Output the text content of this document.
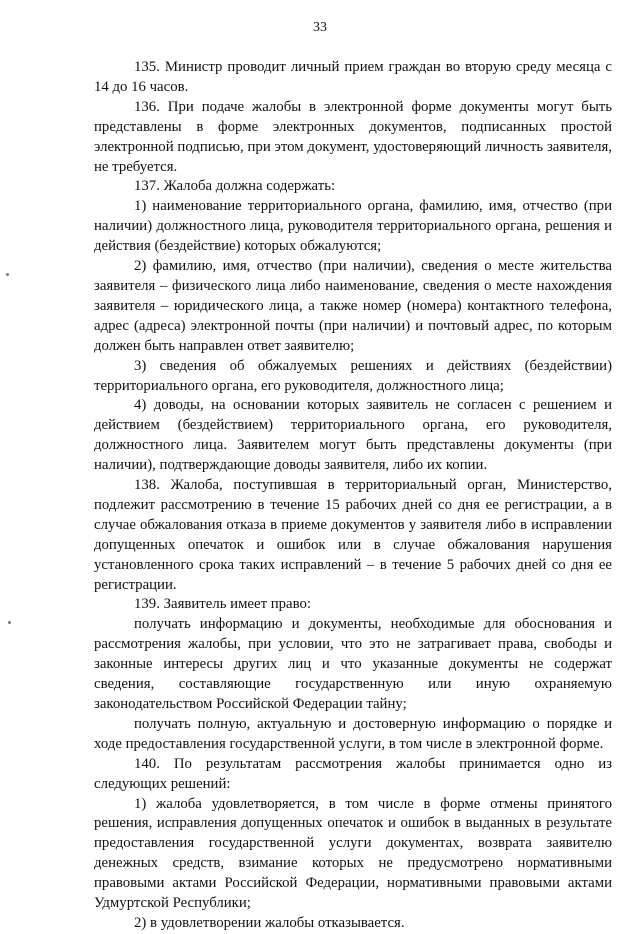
33

135. Министр проводит личный прием граждан во вторую среду месяца с 14 до 16 часов.

136. При подаче жалобы в электронной форме документы могут быть представлены в форме электронных документов, подписанных простой электронной подписью, при этом документ, удостоверяющий личность заявителя, не требуется.

137. Жалоба должна содержать:

1) наименование территориального органа, фамилию, имя, отчество (при наличии) должностного лица, руководителя территориального органа, решения и действия (бездействие) которых обжалуются;

2) фамилию, имя, отчество (при наличии), сведения о месте жительства заявителя – физического лица либо наименование, сведения о месте нахождения заявителя – юридического лица, а также номер (номера) контактного телефона, адрес (адреса) электронной почты (при наличии) и почтовый адрес, по которым должен быть направлен ответ заявителю;

3) сведения об обжалуемых решениях и действиях (бездействии) территориального органа, его руководителя, должностного лица;

4) доводы, на основании которых заявитель не согласен с решением и действием (бездействием) территориального органа, его руководителя, должностного лица. Заявителем могут быть представлены документы (при наличии), подтверждающие доводы заявителя, либо их копии.

138. Жалоба, поступившая в территориальный орган, Министерство, подлежит рассмотрению в течение 15 рабочих дней со дня ее регистрации, а в случае обжалования отказа в приеме документов у заявителя либо в исправлении допущенных опечаток и ошибок или в случае обжалования нарушения установленного срока таких исправлений – в течение 5 рабочих дней со дня ее регистрации.

139. Заявитель имеет право:

получать информацию и документы, необходимые для обоснования и рассмотрения жалобы, при условии, что это не затрагивает права, свободы и законные интересы других лиц и что указанные документы не содержат сведения, составляющие государственную или иную охраняемую законодательством Российской Федерации тайну;

получать полную, актуальную и достоверную информацию о порядке и ходе предоставления государственной услуги, в том числе в электронной форме.

140. По результатам рассмотрения жалобы принимается одно из следующих решений:

1) жалоба удовлетворяется, в том числе в форме отмены принятого решения, исправления допущенных опечаток и ошибок в выданных в результате предоставления государственной услуги документах, возврата заявителю денежных средств, взимание которых не предусмотрено нормативными правовыми актами Российской Федерации, нормативными правовыми актами Удмуртской Республики;

2) в удовлетворении жалобы отказывается.
